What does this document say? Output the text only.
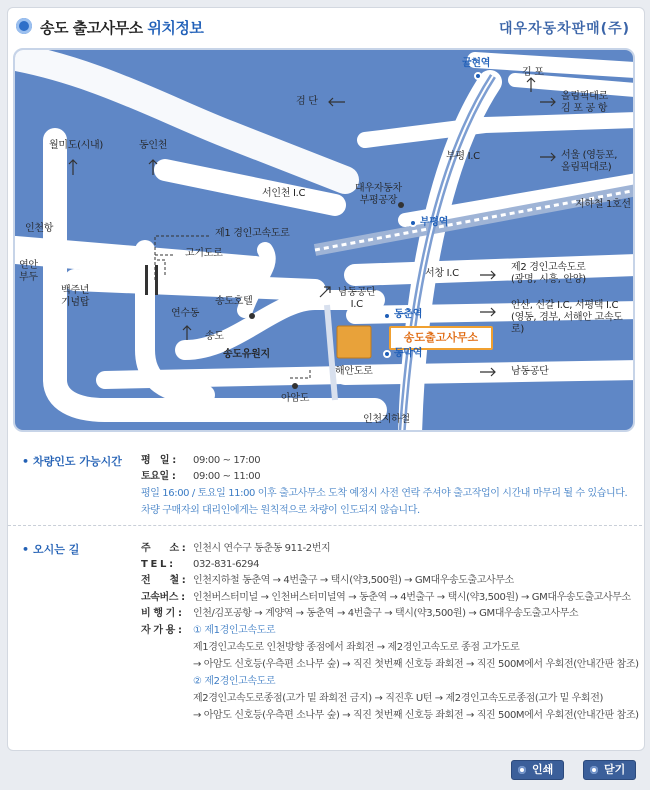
송도 출고사무소 위치정보	대우자동차판매(주)
귤현역
김 포
올림픽대로
김 포 공 항
검 단
월미도(시내)	동인천
부평 I.C	서울 (영등포,
올림픽대로)
서인천 I.C	대우자동차
부평공장	지하철 1호선
인천항	제1 경인고속도로
부평역
연안
부두
고기도로
서창 I.C
제2 경인고속도로
(광명, 시흥, 안양)
백주년
기념탑
남동공단
I.C
송도호텔
동춘역
안산, 신갈 I.C, 서평택 I.C
(영동, 경부, 서해안 고속도로)
연수동
송도	송도출고사무소
송도유원지	동막역
해안도로	남동공단
아암도
인천지하철
• 차량인도 가능시간 평　일 : 09:00 ~ 17:00
토요일 : 09:00 ~ 11:00
평일 16:00 / 토요일 11:00 이후 출고사무소 도착 예정시 사전 연락 주셔야 출고작업이 시간내 마무리 될 수 있습니다.
차량 구매자외 대리인에게는 원칙적으로 차량이 인도되지 않습니다.
• 오시는 길	주　　소 : 인천시 연수구 동춘동 911-2번지
T E L : 032-831-6294
전　　철 : 인천지하철 동춘역 → 4번출구 → 택시(약3,500원) → GM대우송도출고사무소
고속버스 : 인천버스터미널 → 인천버스터미널역 → 동춘역 → 4번출구 → 택시(약3,500원) → GM대우송도출고사무소
비 행 기 : 인천/김포공항 → 계양역 → 동춘역 → 4번출구 → 택시(약3,500원) → GM대우송도출고사무소
자 가 용 : ① 제1경인고속도로
제1경인고속도로 인천방향 종점에서 좌회전 → 제2경인고속도로 종점 고가도로
→ 아암도 신호등(우측편 소나무 숲) → 직진 첫번째 신호등 좌회전 → 직진 500M에서 우회전(안내간판 참조)
② 제2경인고속도로
제2경인고속도로종점(고가 밑 좌회전 금지) → 직진후 U턴 → 제2경인고속도로종점(고가 밑 우회전)
→ 아암도 신호등(우측편 소나무 숲) → 직진 첫번째 신호등 좌회전 → 직진 500M에서 우회전(안내간판 참조)
인쇄	닫기
